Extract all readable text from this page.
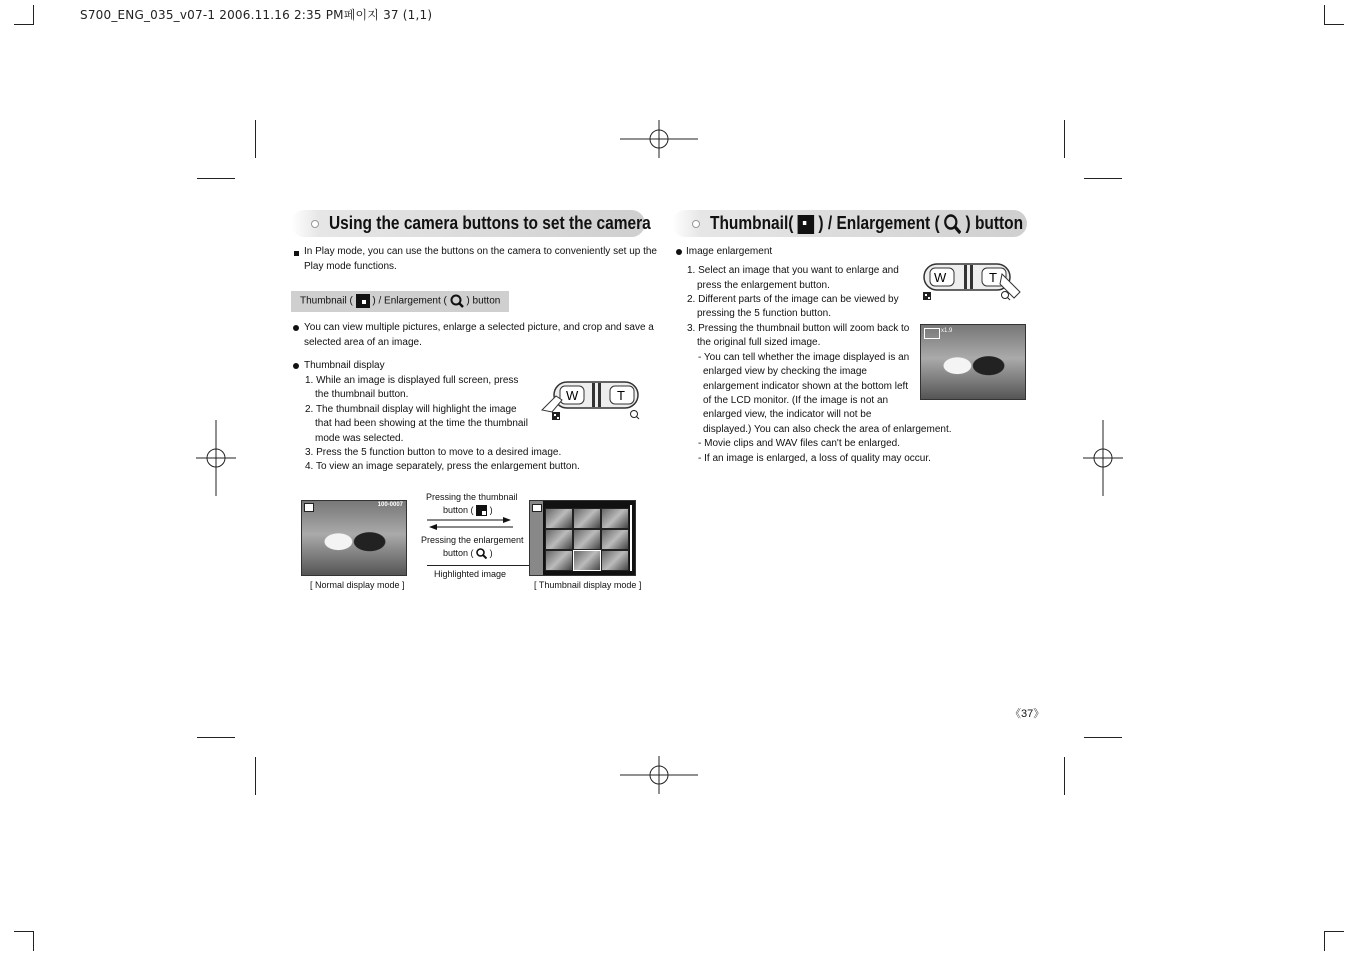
S700_ENG_035_v07-1 2006.11.16 2:35 PM페이지 37 (1,1)
Using the camera buttons to set the camera
In Play mode, you can use the buttons on the camera to conveniently set up the
Play mode functions.
Thumbnail ( ) / Enlargement ( ) button
You can view multiple pictures, enlarge a selected picture, and crop and save a
selected area of an image.
Thumbnail display
1. While an image is displayed full screen, press
the thumbnail button.
2. The thumbnail display will highlight the image
that had been showing at the time the thumbnail
mode was selected.
3. Press the 5 function button to move to a desired image.
4. To view an image separately, press the enlargement button.
W	T
100-0007
[ Normal display mode ]
Pressing the thumbnail
button ( )
Pressing the enlargement
button ( )
Highlighted image
[ Thumbnail display mode ]
Thumbnail( ) / Enlargement ( ) button
Image enlargement
1. Select an image that you want to enlarge and
press the enlargement button.
2. Different parts of the image can be viewed by
pressing the 5 function button.
3. Pressing the thumbnail button will zoom back to
the original full sized image.
- You can tell whether the image displayed is an
enlarged view by checking the image
enlargement indicator shown at the bottom left
of the LCD monitor. (If the image is not an
enlarged view, the indicator will not be
displayed.) You can also check the area of enlargement.
- Movie clips and WAV files can't be enlarged.
- If an image is enlarged, a loss of quality may occur.
W	T
x1.9
《37》
